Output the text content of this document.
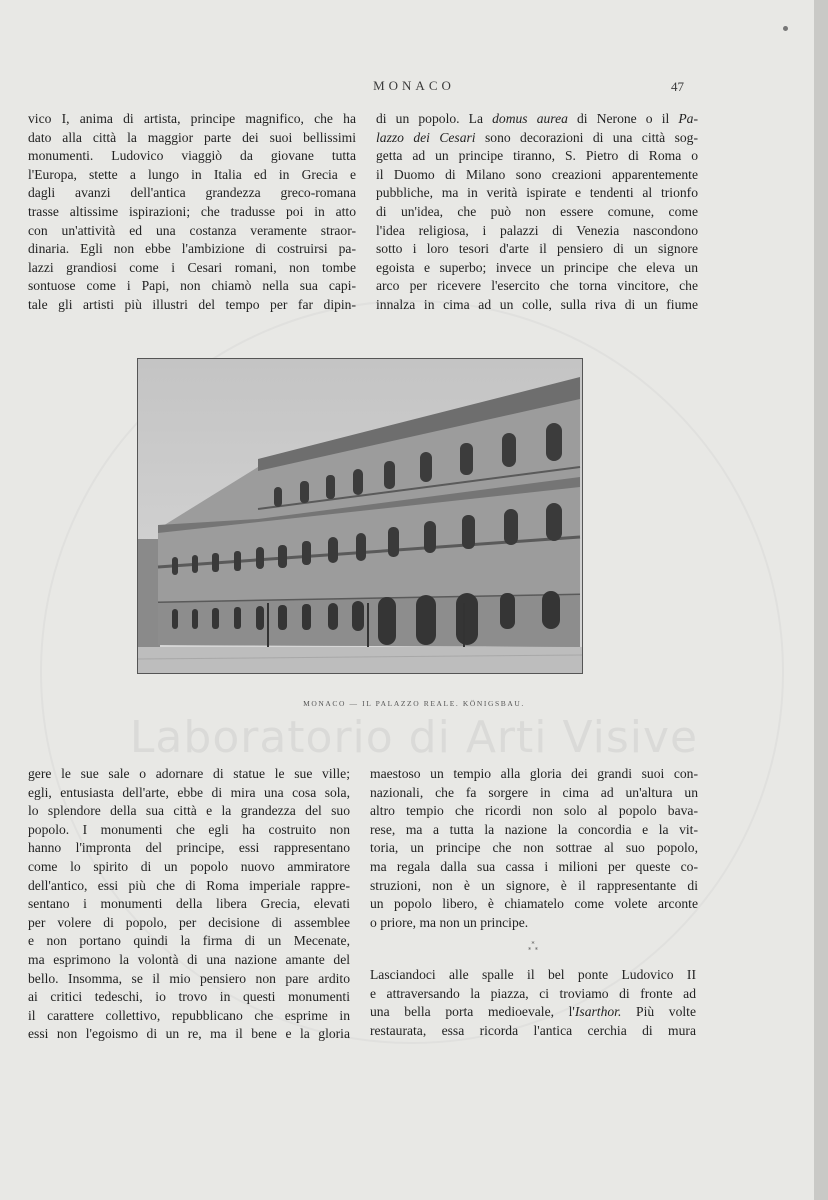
Laboratorio di Arti Visive
MONACO	47
vico I, anima di artista, principe magnifico, che ha
dato alla città la maggior parte dei suoi bellissimi
monumenti. Ludovico viaggiò da giovane tutta
l'Europa, stette a lungo in Italia ed in Grecia e
dagli avanzi dell'antica grandezza greco-romana
trasse altissime ispirazioni; che tradusse poi in atto
con un'attività ed una costanza veramente straor-
dinaria. Egli non ebbe l'ambizione di costruirsi pa-
lazzi grandiosi come i Cesari romani, non tombe
sontuose come i Papi, non chiamò nella sua capi-
tale gli artisti più illustri del tempo per far dipin-
di un popolo. La domus aurea di Nerone o il Pa-
lazzo dei Cesari sono decorazioni di una città sog-
getta ad un principe tiranno, S. Pietro di Roma o
il Duomo di Milano sono creazioni apparentemente
pubbliche, ma in verità ispirate e tendenti al trionfo
di un'idea, che può non essere comune, come
l'idea religiosa, i palazzi di Venezia nascondono
sotto i loro tesori d'arte il pensiero di un signore
egoista e superbo; invece un principe che eleva un
arco per ricevere l'esercito che torna vincitore, che
innalza in cima ad un colle, sulla riva di un fiume
MONACO — IL PALAZZO REALE. KÖNIGSBAU.
gere le sue sale o adornare di statue le sue ville;
egli, entusiasta dell'arte, ebbe di mira una cosa sola,
lo splendore della sua città e la grandezza del suo
popolo. I monumenti che egli ha costruito non
hanno l'impronta del principe, essi rappresentano
come lo spirito di un popolo nuovo ammiratore
dell'antico, essi più che di Roma imperiale rappre-
sentano i monumenti della libera Grecia, elevati
per volere di popolo, per decisione di assemblee
e non portano quindi la firma di un Mecenate,
ma esprimono la volontà di una nazione amante del
bello. Insomma, se il mio pensiero non pare ardito
ai critici tedeschi, io trovo in questi monumenti
il carattere collettivo, repubblicano che esprime in
essi non l'egoismo di un re, ma il bene e la gloria
maestoso un tempio alla gloria dei grandi suoi con-
nazionali, che fa sorgere in cima ad un'altura un
altro tempio che ricordi non solo al popolo bava-
rese, ma a tutta la nazione la concordia e la vit-
toria, un principe che non sottrae al suo popolo,
ma regala dalla sua cassa i milioni per queste co-
struzioni, non è un signore, è il rappresentante di
un popolo libero, è chiamatelo come volete arconte
o priore, ma non un principe.
*
*  *
Lasciandoci alle spalle il bel ponte Ludovico II
e attraversando la piazza, ci troviamo di fronte ad
una bella porta medioevale, l'Isarthor. Più volte
restaurata, essa ricorda l'antica cerchia di mura
